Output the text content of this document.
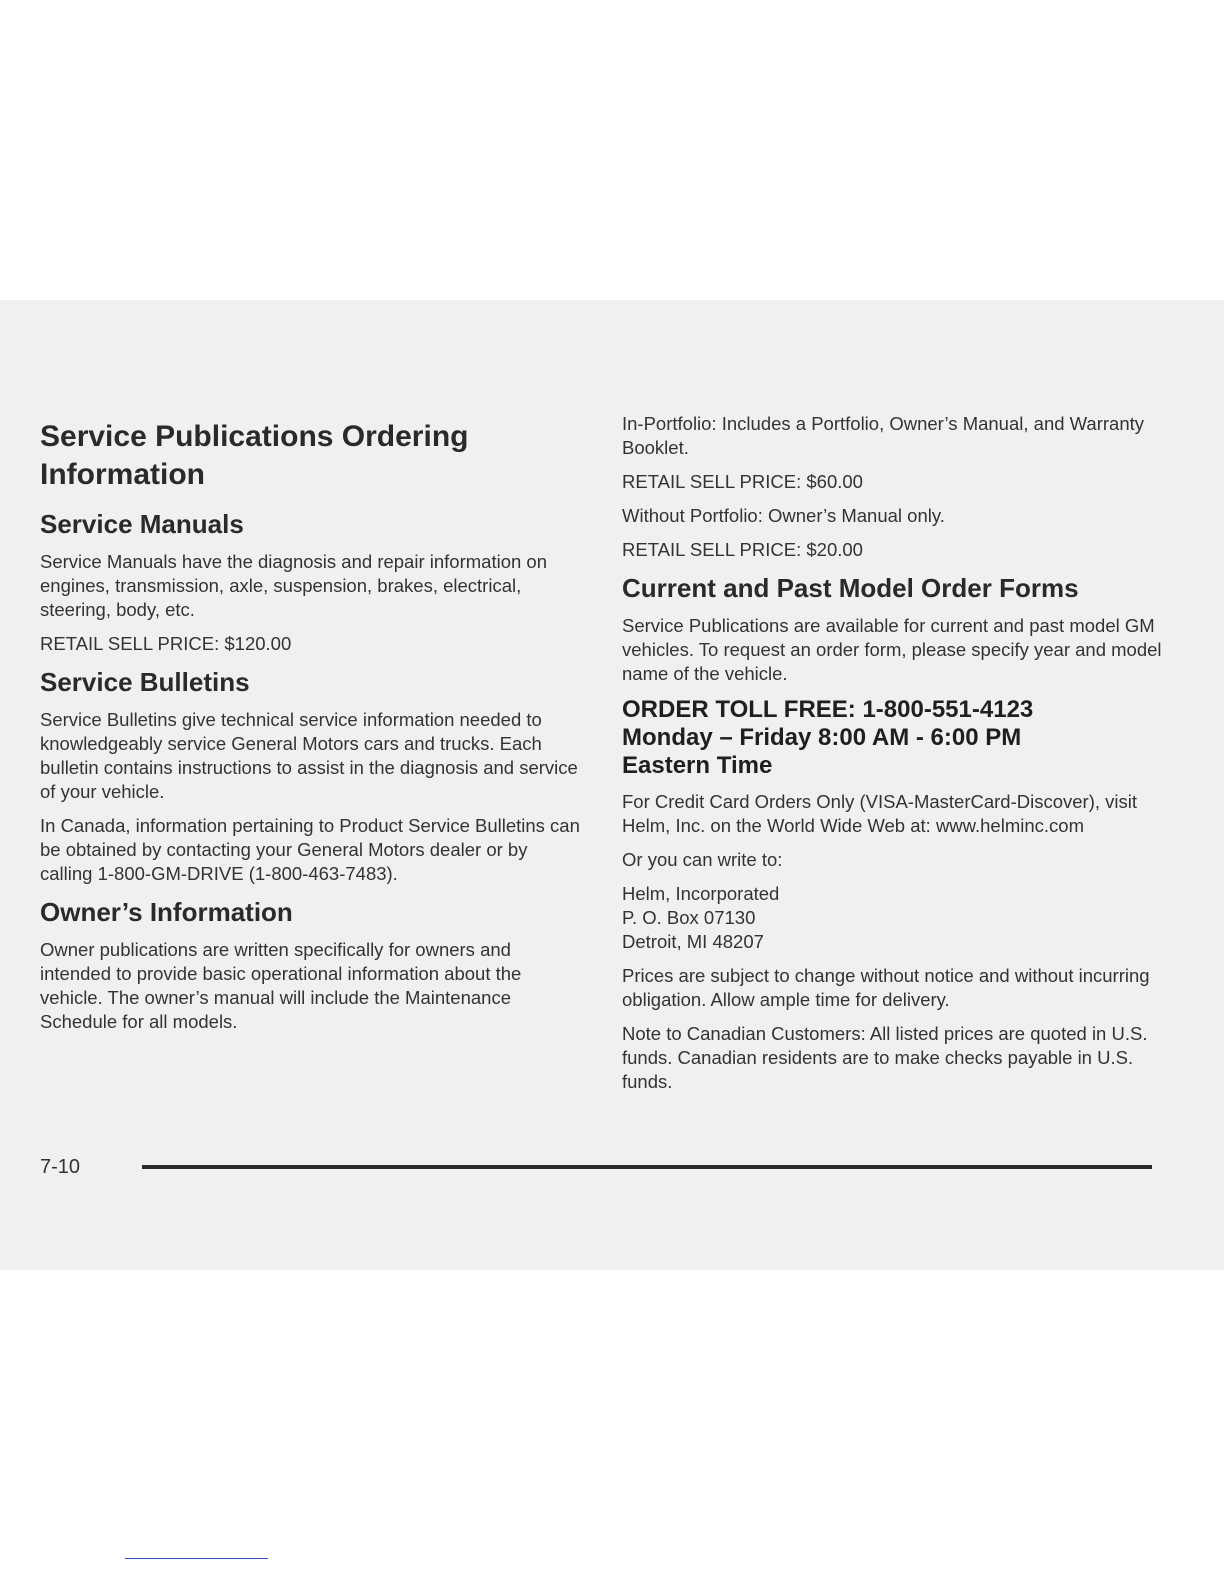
Service Publications Ordering Information
Service Manuals

Service Manuals have the diagnosis and repair information on engines, transmission, axle, suspension, brakes, electrical, steering, body, etc.

RETAIL SELL PRICE: $120.00

Service Bulletins

Service Bulletins give technical service information needed to knowledgeably service General Motors cars and trucks. Each bulletin contains instructions to assist in the diagnosis and service of your vehicle.

In Canada, information pertaining to Product Service Bulletins can be obtained by contacting your General Motors dealer or by calling 1-800-GM-DRIVE (1-800-463-7483).

Owner’s Information

Owner publications are written specifically for owners and intended to provide basic operational information about the vehicle. The owner’s manual will include the Maintenance Schedule for all models.

In-Portfolio: Includes a Portfolio, Owner’s Manual, and Warranty Booklet.

RETAIL SELL PRICE: $60.00

Without Portfolio: Owner’s Manual only.

RETAIL SELL PRICE: $20.00

Current and Past Model Order Forms

Service Publications are available for current and past model GM vehicles. To request an order form, please specify year and model name of the vehicle.

ORDER TOLL FREE: 1-800-551-4123
Monday – Friday 8:00 AM - 6:00 PM
Eastern Time

For Credit Card Orders Only (VISA-MasterCard-Discover), visit Helm, Inc. on the World Wide Web at: www.helminc.com

Or you can write to:

Helm, Incorporated
P. O. Box 07130
Detroit, MI 48207

Prices are subject to change without notice and without incurring obligation. Allow ample time for delivery.

Note to Canadian Customers: All listed prices are quoted in U.S. funds. Canadian residents are to make checks payable in U.S. funds.

7-10
